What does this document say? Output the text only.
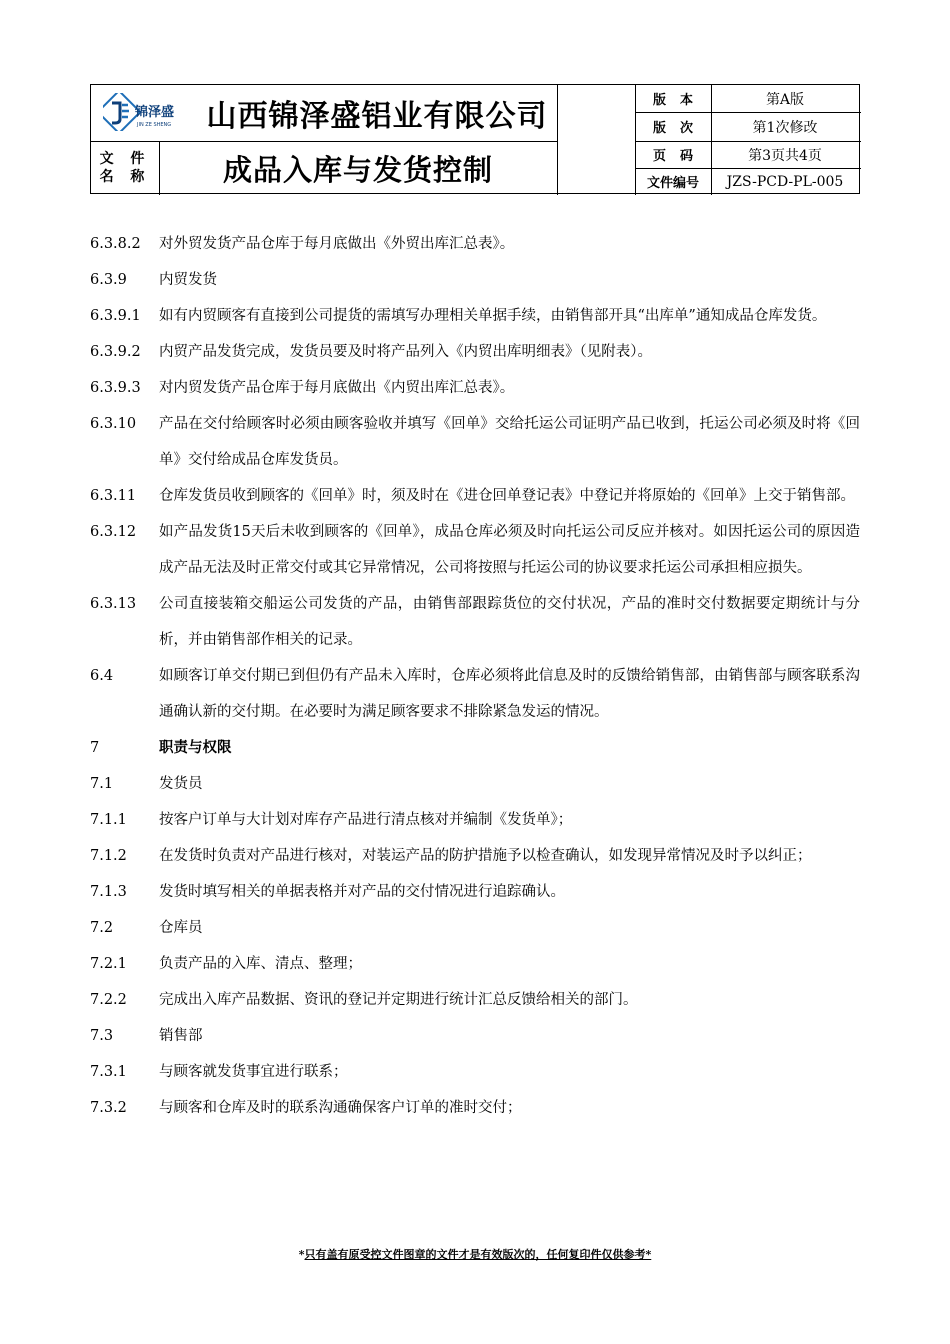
锦泽盛
JIN ZE SHENG 山西锦泽盛铝业有限公司
文 件
名 称	成品入库与发货控制
版本	第A版
版次	第1次修改
页码	第3页共4页
文件编号	JZS-PCD-PL-005
6.3.8.2	对外贸发货产品仓库于每月底做出《外贸出库汇总表》。
6.3.9	内贸发货
6.3.9.1	如有内贸顾客有直接到公司提货的需填写办理相关单据手续，由销售部开具“出库单”通知成品仓库发货。
6.3.9.2	内贸产品发货完成，发货员要及时将产品列入《内贸出库明细表》（见附表）。
6.3.9.3	对内贸发货产品仓库于每月底做出《内贸出库汇总表》。
6.3.10	产品在交付给顾客时必须由顾客验收并填写《回单》交给托运公司证明产品已收到，托运公司必须及时将《回单》交付给成品仓库发货员。
6.3.11	仓库发货员收到顾客的《回单》时，须及时在《进仓回单登记表》中登记并将原始的《回单》上交于销售部。
6.3.12	如产品发货15天后未收到顾客的《回单》，成品仓库必须及时向托运公司反应并核对。如因托运公司的原因造成产品无法及时正常交付或其它异常情况，公司将按照与托运公司的协议要求托运公司承担相应损失。
6.3.13	公司直接装箱交船运公司发货的产品，由销售部跟踪货位的交付状况，产品的准时交付数据要定期统计与分析，并由销售部作相关的记录。
6.4	如顾客订单交付期已到但仍有产品未入库时，仓库必须将此信息及时的反馈给销售部，由销售部与顾客联系沟通确认新的交付期。在必要时为满足顾客要求不排除紧急发运的情况。
7	职责与权限
7.1	发货员
7.1.1	按客户订单与大计划对库存产品进行清点核对并编制《发货单》；
7.1.2	在发货时负责对产品进行核对，对装运产品的防护措施予以检查确认，如发现异常情况及时予以纠正；
7.1.3	发货时填写相关的单据表格并对产品的交付情况进行追踪确认。
7.2	仓库员
7.2.1	负责产品的入库、清点、整理；
7.2.2	完成出入库产品数据、资讯的登记并定期进行统计汇总反馈给相关的部门。
7.3	销售部
7.3.1	与顾客就发货事宜进行联系；
7.3.2	与顾客和仓库及时的联系沟通确保客户订单的准时交付；
*只有盖有原受控文件图章的文件才是有效版次的，任何复印件仅供参考*
